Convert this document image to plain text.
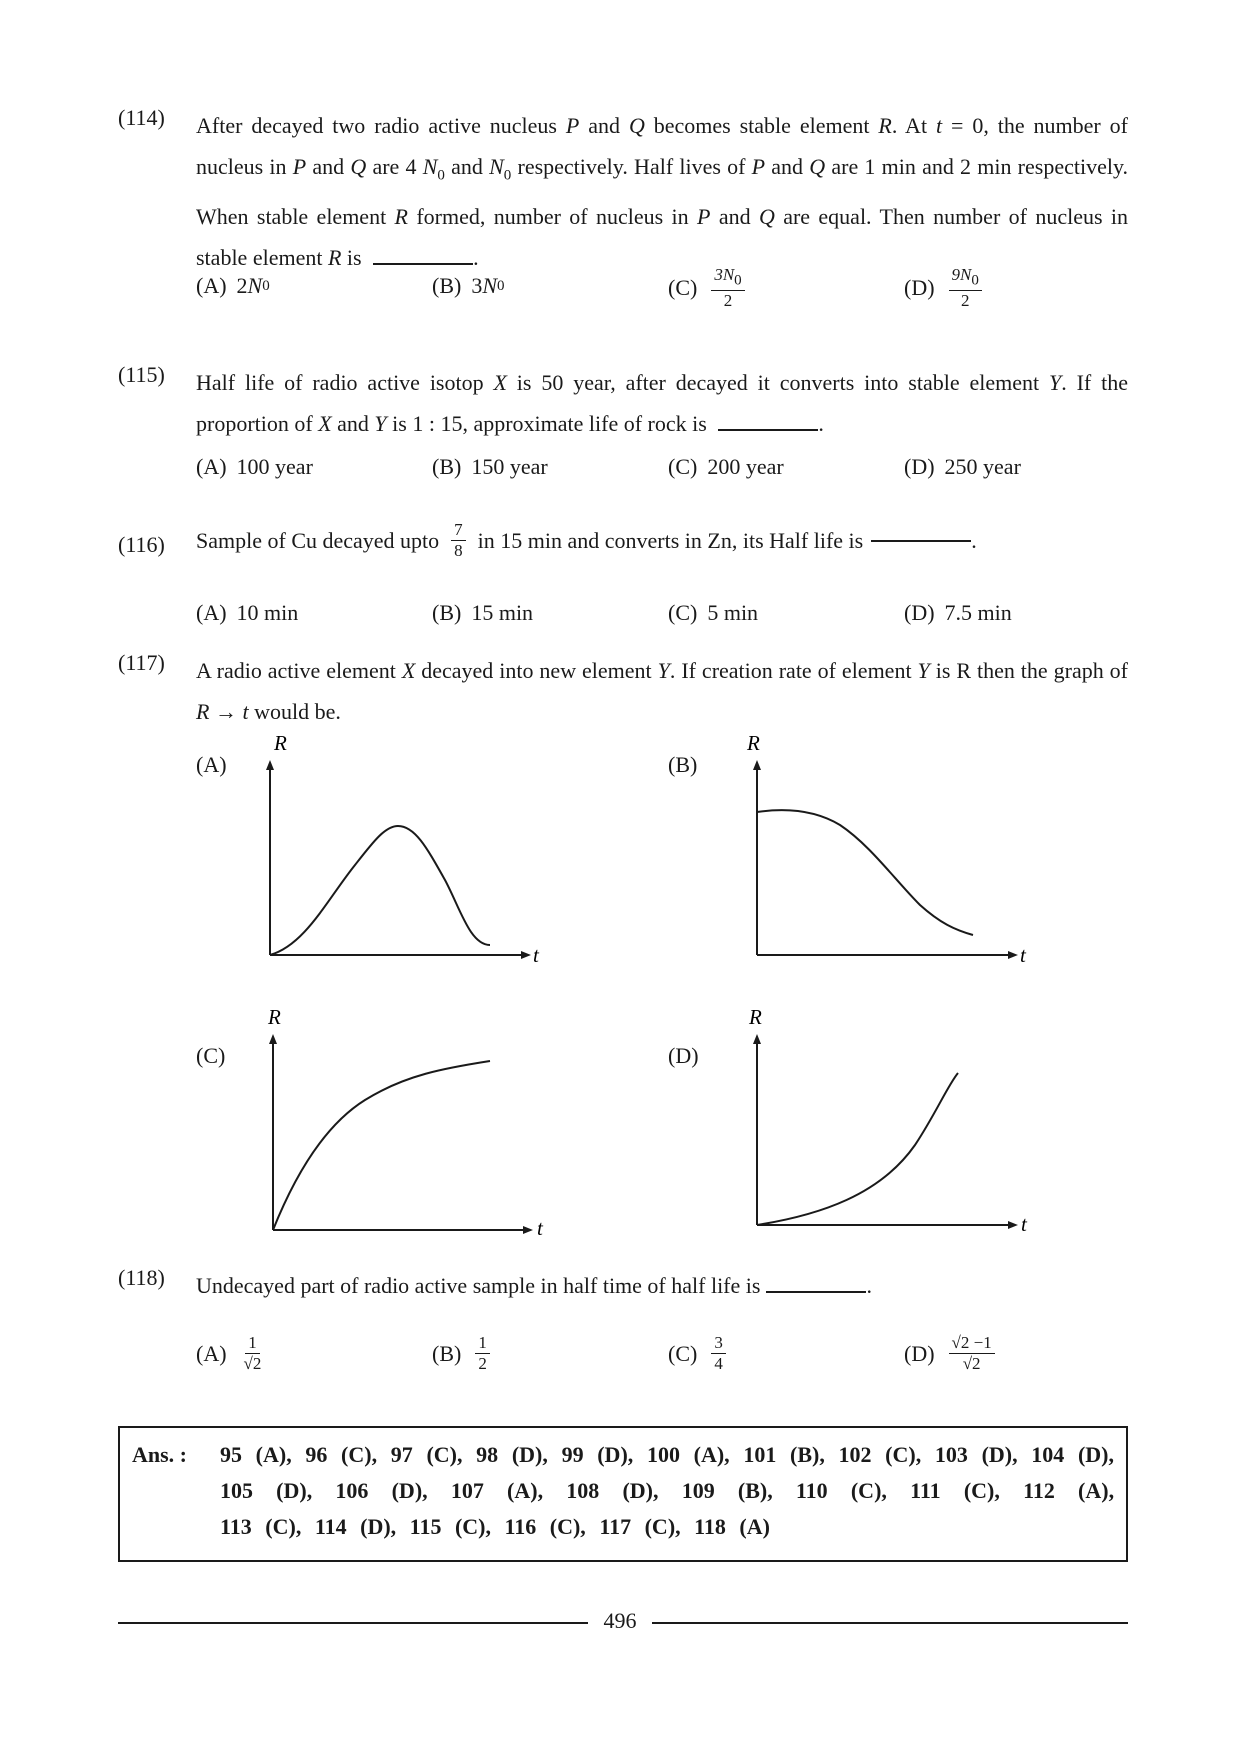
(114) After decayed two radio active nucleus P and Q becomes stable element R. At t = 0, the number of nucleus in P and Q are 4 $N_0$ and $N_0$ respectively. Half lives of P and Q are 1 min and 2 min respectively. When stable element R formed, number of nucleus in P and Q are equal. Then number of nucleus in stable element R is	.
(A) 2 N 0	(B) 3 N 0	$(C) \frac{3N_0}{2}$	$(D) \frac{9N_0}{2}$
(115) Half life of radio active isotop X is 50 year, after decayed it converts into stable element Y. If the proportion of X and Y is 1 : 15, approximate life of rock is	.
(A) 100 year	(B) 150 year	(C) 200 year	(D) 250 year
(116) Sample of Cu decayed upto $\frac{7}{8}$ in 15 min and converts in Zn, its Half life is	.
(A) 10 min	(B) 15 min	(C) 5 min	(D) 7.5 min
(117) A radio active element X decayed into new element Y. If creation rate of element Y is R then the graph of R → t would be.
(A)
R
t
(B)
R
t
(C)
R
t
(D)
R
t
(118) Undecayed part of radio active sample in half time of half life is	.
$(A) \frac{1}{√2}$	$(B) \frac{1}{2}$	$(C) \frac{3}{4}$	$(D) \frac{√2 -1}{√2}$
Ans. : 95 (A), 96 (C), 97 (C), 98 (D), 99 (D), 100 (A), 101 (B), 102 (C), 103 (D), 104 (D),
105 (D), 106 (D), 107 (A), 108 (D), 109 (B), 110 (C), 111 (C), 112 (A),
113 (C), 114 (D), 115 (C), 116 (C), 117 (C), 118 (A)
496
